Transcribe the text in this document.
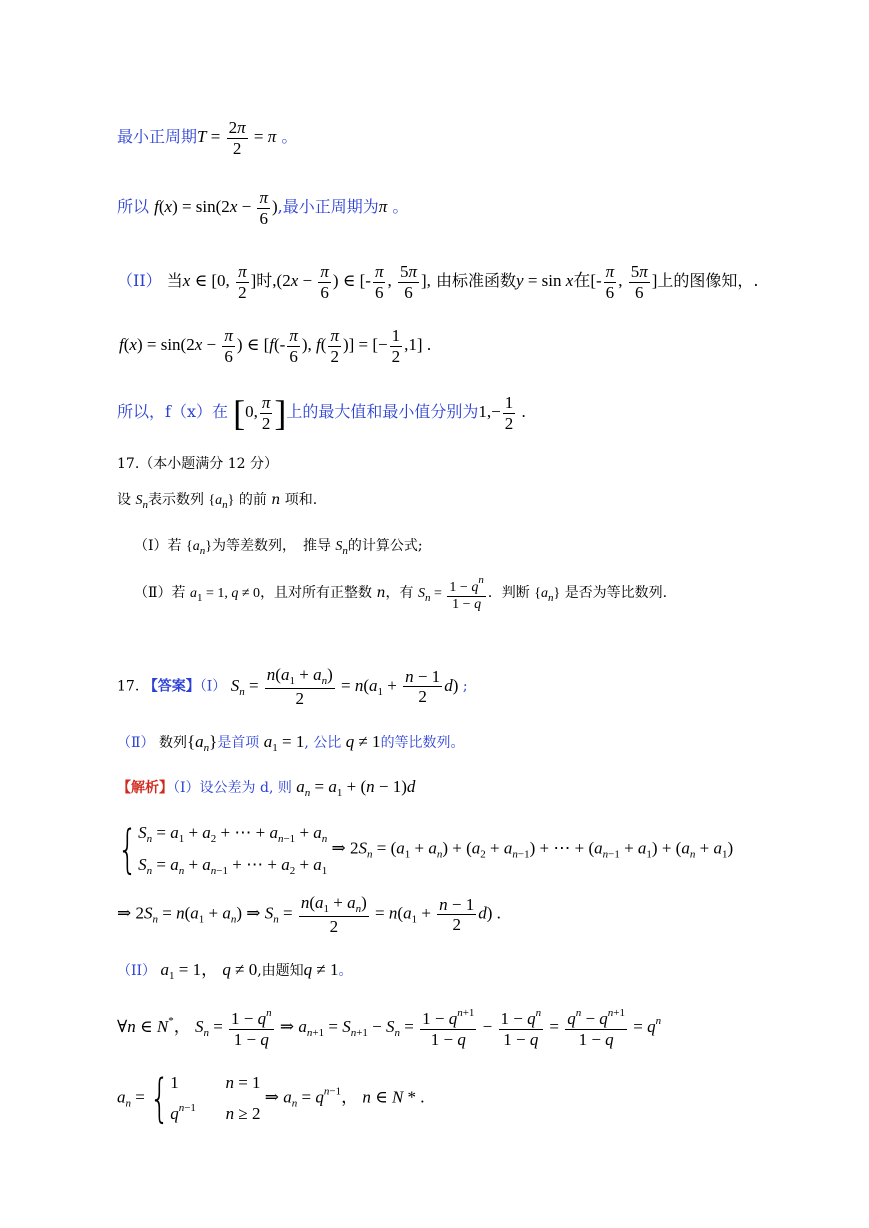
最小正周期$T = \frac{2\pi}{2} = \pi$ 。
所以 $f(x) = \sin(2x - \frac{\pi}{6}$ ),最小正周期为π 。
（II） 当x ∈ [0, $\frac{\pi}{2}$ ]时$,(2x - \frac{\pi}{6}$ ) ∈ [- $\frac{\pi}{6}$ , $\frac{5\pi}{6}$ ], 由标准函数y = sin x在[- $\frac{\pi}{6}$ , $\frac{5\pi}{6}$ ]上的图像知，.
$f(x) = \sin(2x - \frac{\pi}{6}$ ) ∈ [$f(- \frac{\pi}{6}$ ), $f( \frac{\pi}{2}$ )] = [− $\frac{1}{2} ,1$] .
所以，f（x）在 [0, $\frac{\pi}{2}$ ]上的最大值和最小值分别为$1,- \frac{1}{2}$ .
17.（本小题满分 12 分）
设 $S_n$表示数列 $\{a_n\}$ 的前 n 项和.
（Ⅰ）若 $\{a_n\}$为等差数列，　推导 $S_n$的计算公式;
（Ⅱ）若 $a_1 = 1$, q ≠ 0，且对所有正整数 n，有 $S_n = \frac{1 - q^n}{1 - q}$ ．判断 $\{a_n\}$ 是否为等比数列.
17. 【答案】（Ⅰ） $S_n = \frac{n(a_1 + a_n)}{2} = n(a_1 + \frac{n - 1}{2} d)$ ;
（Ⅱ） 数列$\{a_n\}$是首项 $a_1 = 1$, 公比 q ≠ 1的等比数列。
【解析】（Ⅰ）设公差为 d, 则 $a_n = a_1 + (n - 1)d$
{ $S_n = a_1 + a_2$ + ⋯ + $a_{n-1} + a_n$
$S_n = a_n + a_{n-1}$ + ⋯ + $a_2 + a_1$
⇒ $2S_n = (a_1 + a_n) + (a_2 + a_{n-1})$ + ⋯ + $(a_{n-1} + a_1) + (a_n + a_1)$
⇒ $2S_n = n(a_1 + a_n)$ ⇒ $S_n = \frac{n(a_1 + a_n)}{2} = n(a_1 + \frac{n - 1}{2} d)$ .
（II） $a_1 = 1$， q ≠ 0,由题知q ≠ 1。
∀n ∈ N*， $S_n = \frac{1 - q^n}{1 - q}$ ⇒ $a_{n+1} = S_{n+1} - S_n = \frac{1 - q^{n+1}}{1 - q} - \frac{1 - q^n}{1 - q} = \frac{q^n - q^{n+1}}{1 - q} = q^n$
$a_n$ = { 1           n = 1
$q^{n-1}$ n ≥ 2
⇒ $a_n = q^{n-1}$， n ∈ N * .
